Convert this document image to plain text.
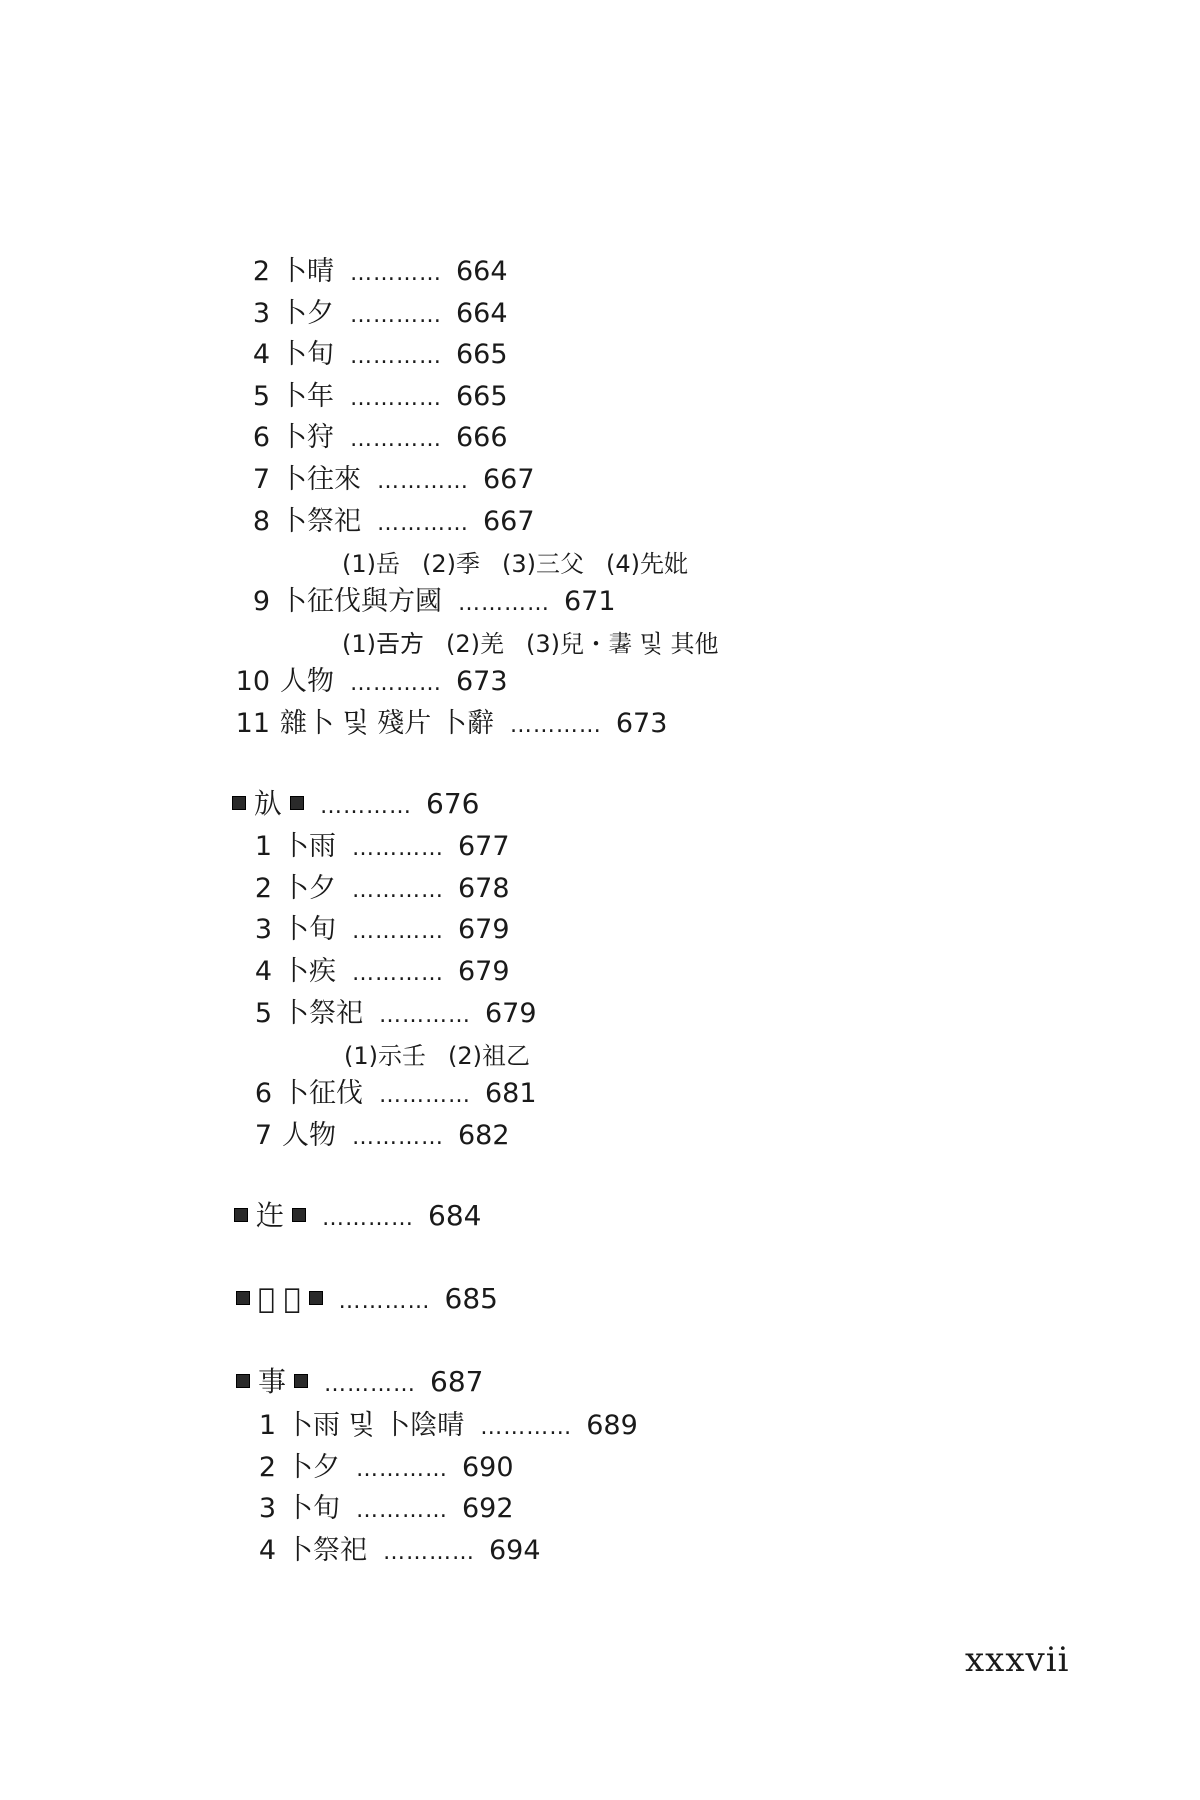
2 卜晴 ………… 664
3 卜夕 ………… 664
4 卜旬 ………… 665
5 卜年 ………… 665
6 卜狩 ………… 666
7 卜往來 ………… 667
8 卜祭祀 ………… 667
(1)岳 (2)季 (3)三父 (4)先妣
9 卜征伐與方國 ………… 671
(1)𢀛方 (2)羌 (3)兒・𦘠 및 其他
10 人物 ………… 673
11 雜卜 및 殘片 卜辭 ………… 673
㫃 ………… 676
1 卜雨 ………… 677
2 卜夕 ………… 678
3 卜旬 ………… 679
4 卜疾 ………… 679
5 卜祭祀 ………… 679
(1)示壬 (2)祖乙
6 卜征伐 ………… 681
7 人物 ………… 682
迕 ………… 684
𡦹 𡧊 ………… 685
事 ………… 687
1 卜雨 및 卜陰晴 ………… 689
2 卜夕 ………… 690
3 卜旬 ………… 692
4 卜祭祀 ………… 694
xxxvii
